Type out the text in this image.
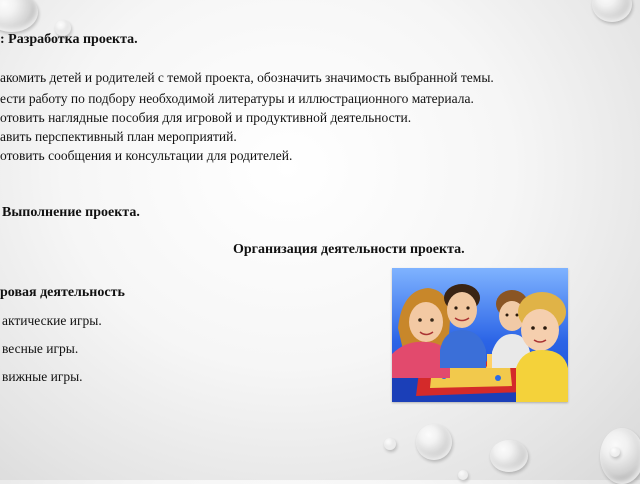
: Разработка проекта.

акомить детей и родителей с темой проекта, обозначить значимость выбранной темы.

ести работу по подбору необходимой литературы и иллюстрационного материала.

отовить наглядные пособия для игровой и продуктивной деятельности.

авить перспективный план мероприятий.

отовить сообщения и консультации для родителей.

Выполнение проекта.

Организация деятельности проекта.

ровая деятельность

актические игры.

весные игры.

вижные игры.
